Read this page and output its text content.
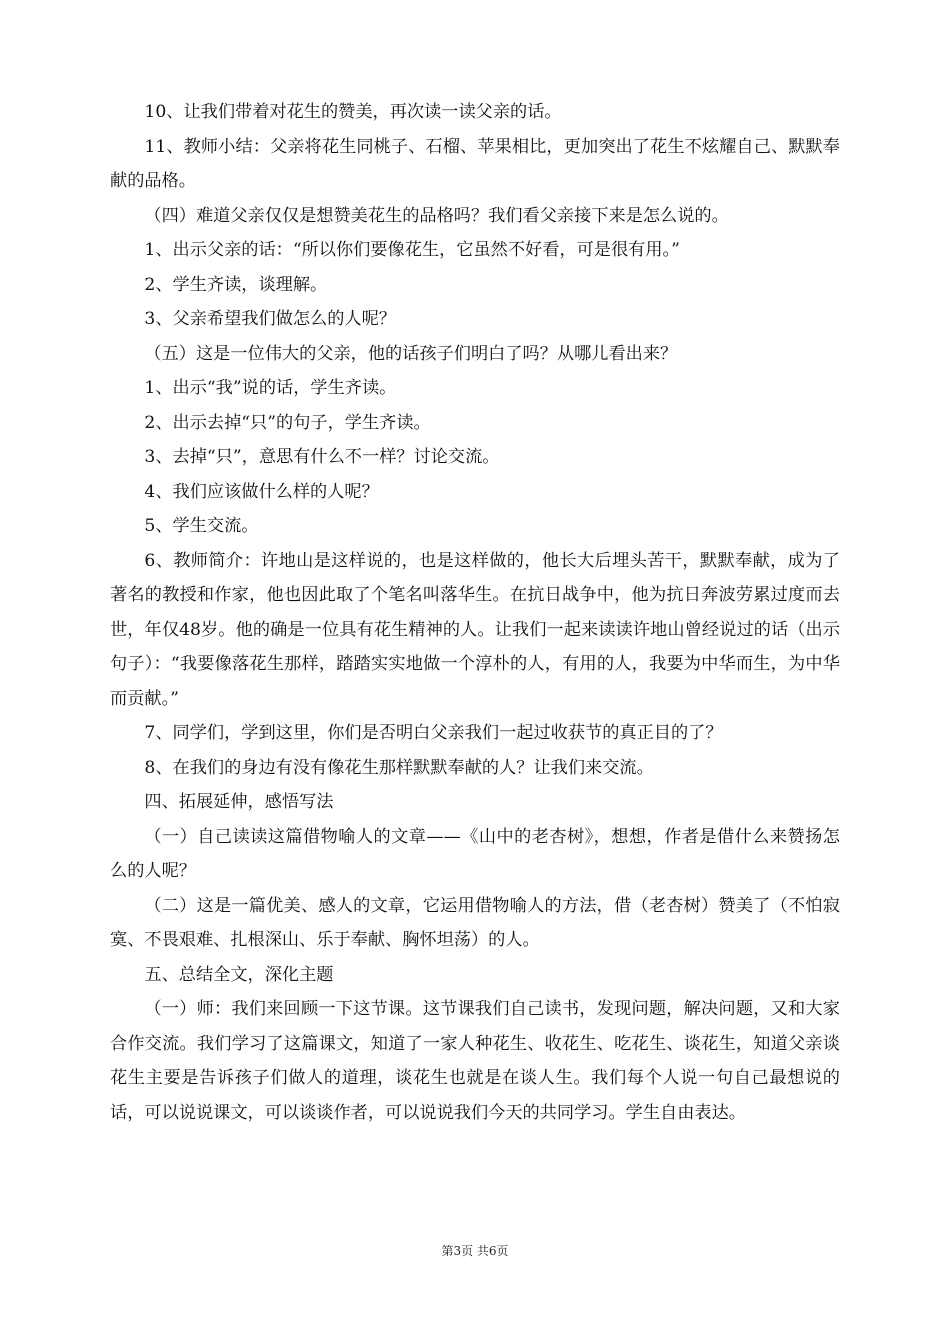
10、让我们带着对花生的赞美，再次读一读父亲的话。

11、教师小结：父亲将花生同桃子、石榴、苹果相比，更加突出了花生不炫耀自己、默默奉献的品格。

（四）难道父亲仅仅是想赞美花生的品格吗？我们看父亲接下来是怎么说的。

1、出示父亲的话：“所以你们要像花生，它虽然不好看，可是很有用。”

2、学生齐读，谈理解。

3、父亲希望我们做怎么的人呢？

（五）这是一位伟大的父亲，他的话孩子们明白了吗？从哪儿看出来？

1、出示“我”说的话，学生齐读。

2、出示去掉“只”的句子，学生齐读。

3、去掉“只”，意思有什么不一样？讨论交流。

4、我们应该做什么样的人呢？

5、学生交流。

6、教师简介：许地山是这样说的，也是这样做的，他长大后埋头苦干，默默奉献，成为了著名的教授和作家，他也因此取了个笔名叫落华生。在抗日战争中，他为抗日奔波劳累过度而去世，年仅48岁。他的确是一位具有花生精神的人。让我们一起来读读许地山曾经说过的话（出示句子）：“我要像落花生那样，踏踏实实地做一个淳朴的人，有用的人，我要为中华而生，为中华而贡献。”

7、同学们，学到这里，你们是否明白父亲我们一起过收获节的真正目的了？

8、在我们的身边有没有像花生那样默默奉献的人？让我们来交流。

四、拓展延伸，感悟写法

（一）自己读读这篇借物喻人的文章——《山中的老杏树》，想想，作者是借什么来赞扬怎么的人呢？

（二）这是一篇优美、感人的文章，它运用借物喻人的方法，借（老杏树）赞美了（不怕寂寞、不畏艰难、扎根深山、乐于奉献、胸怀坦荡）的人。

五、总结全文，深化主题

（一）师：我们来回顾一下这节课。这节课我们自己读书，发现问题，解决问题，又和大家合作交流。我们学习了这篇课文，知道了一家人种花生、收花生、吃花生、谈花生，知道父亲谈花生主要是告诉孩子们做人的道理，谈花生也就是在谈人生。我们每个人说一句自己最想说的话，可以说说课文，可以谈谈作者，可以说说我们今天的共同学习。学生自由表达。

第3页 共6页
